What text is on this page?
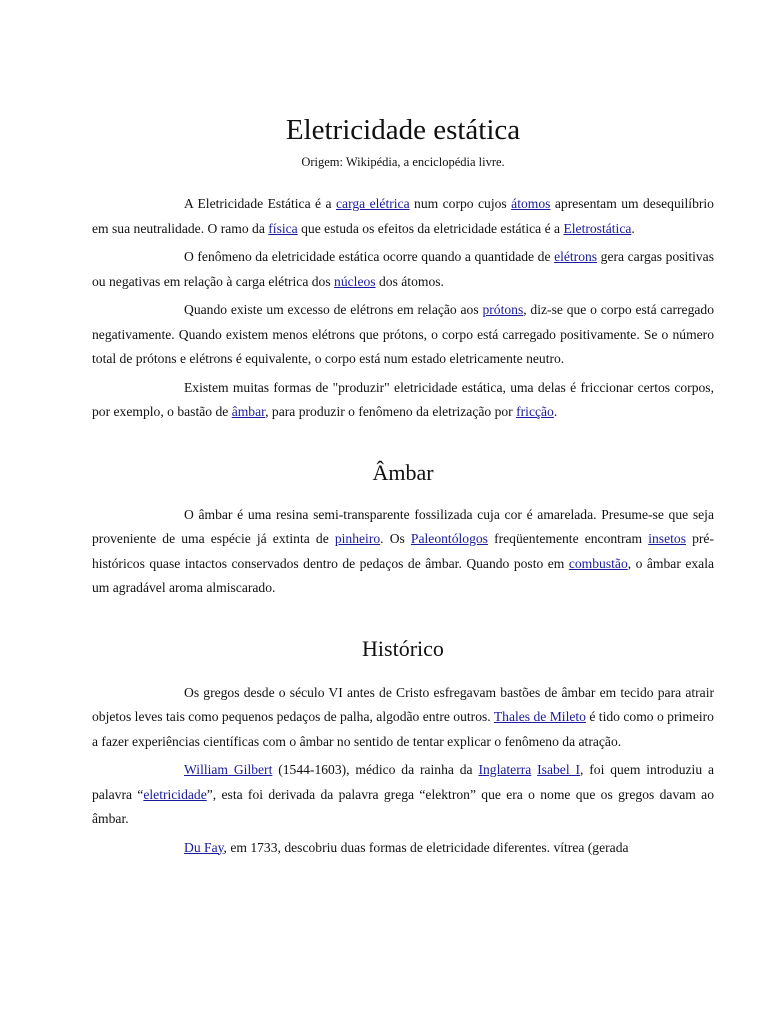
Eletricidade estática
Origem: Wikipédia, a enciclopédia livre.

A Eletricidade Estática é a carga elétrica num corpo cujos átomos apresentam um desequilíbrio em sua neutralidade. O ramo da física que estuda os efeitos da eletricidade estática é a Eletrostática.

O fenômeno da eletricidade estática ocorre quando a quantidade de elétrons gera cargas positivas ou negativas em relação à carga elétrica dos núcleos dos átomos.

Quando existe um excesso de elétrons em relação aos prótons, diz-se que o corpo está carregado negativamente. Quando existem menos elétrons que prótons, o corpo está carregado positivamente. Se o número total de prótons e elétrons é equivalente, o corpo está num estado eletricamente neutro.

Existem muitas formas de "produzir" eletricidade estática, uma delas é friccionar certos corpos, por exemplo, o bastão de âmbar, para produzir o fenômeno da eletrização por fricção.

Âmbar

O âmbar é uma resina semi-transparente fossilizada cuja cor é amarelada. Presume-se que seja proveniente de uma espécie já extinta de pinheiro. Os Paleontólogos freqüentemente encontram insetos pré-históricos quase intactos conservados dentro de pedaços de âmbar. Quando posto em combustão, o âmbar exala um agradável aroma almiscarado.

Histórico

Os gregos desde o século VI antes de Cristo esfregavam bastões de âmbar em tecido para atrair objetos leves tais como pequenos pedaços de palha, algodão entre outros. Thales de Mileto é tido como o primeiro a fazer experiências científicas com o âmbar no sentido de tentar explicar o fenômeno da atração.

William Gilbert (1544-1603), médico da rainha da Inglaterra Isabel I, foi quem introduziu a palavra “eletricidade”, esta foi derivada da palavra grega “elektron” que era o nome que os gregos davam ao âmbar.

Du Fay, em 1733, descobriu duas formas de eletricidade diferentes. vítrea (gerada
